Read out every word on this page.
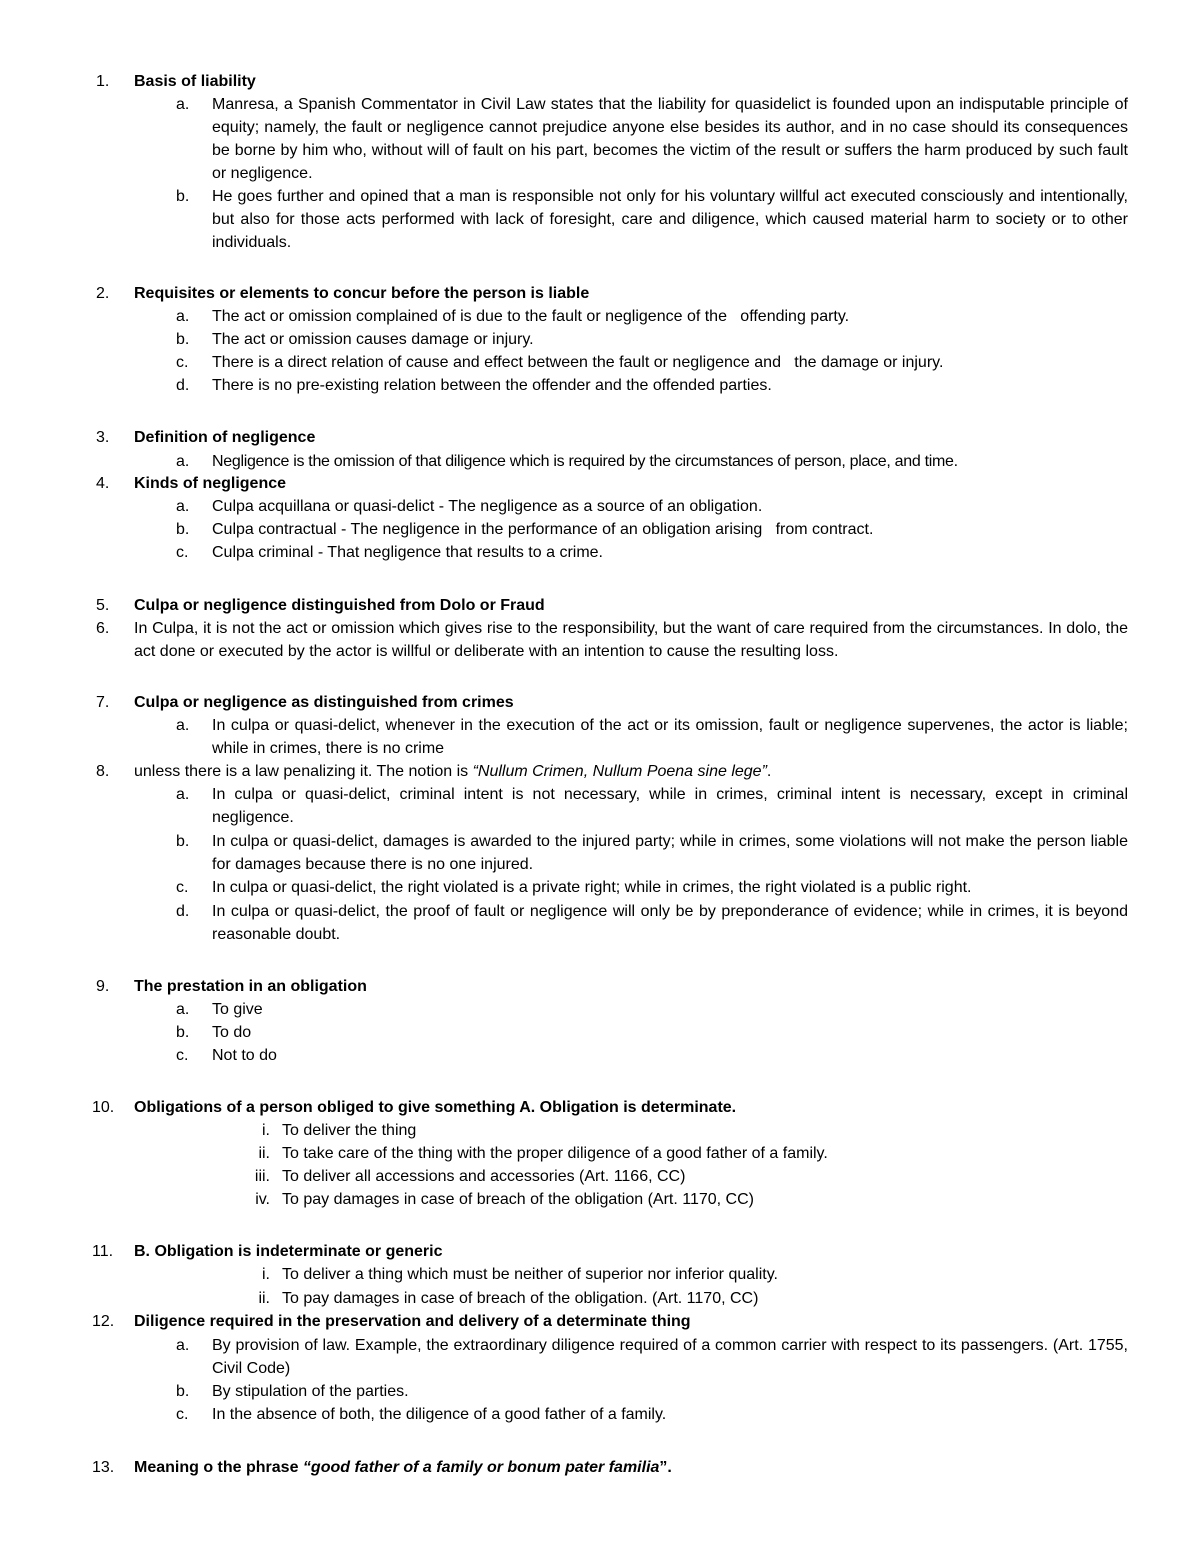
1.	Basis of liability
a.	Manresa, a Spanish Commentator in Civil Law states that the liability for quasidelict is founded upon an indisputable principle of equity; namely, the fault or negligence cannot prejudice anyone else besides its author, and in no case should its consequences be borne by him who, without will of fault on his part, becomes the victim of the result or suffers the harm produced by such fault or negligence.
b.	He goes further and opined that a man is responsible not only for his voluntary willful act executed consciously and intentionally, but also for those acts performed with lack of foresight, care and diligence, which caused material harm to society or to other individuals.
2.	Requisites or elements to concur before the person is liable
a.	The act or omission complained of is due to the fault or negligence of the   offending party.
b.	The act or omission causes damage or injury.
c.	There is a direct relation of cause and effect between the fault or negligence and   the damage or injury.
d.	There is no pre-existing relation between the offender and the offended parties.
3.	Definition of negligence
a.	Negligence is the omission of that diligence which is required by the circumstances of person, place, and time.
4.	Kinds of negligence
a.	Culpa acquillana or quasi-delict - The negligence as a source of an obligation.
b.	Culpa contractual - The negligence in the performance of an obligation arising   from contract.
c.	Culpa criminal - That negligence that results to a crime.
5.	Culpa or negligence distinguished from Dolo or Fraud
6.	In Culpa, it is not the act or omission which gives rise to the responsibility, but the want of care required from the circumstances. In dolo, the act done or executed by the actor is willful or deliberate with an intention to cause the resulting loss.
7.	Culpa or negligence as distinguished from crimes
a.	In culpa or quasi-delict, whenever in the execution of the act or its omission, fault or negligence supervenes, the actor is liable; while in crimes, there is no crime
8.	unless there is a law penalizing it. The notion is “Nullum Crimen, Nullum Poena sine lege”.
a.	In culpa or quasi-delict, criminal intent is not necessary, while in crimes, criminal intent is necessary, except in criminal negligence.
b.	In culpa or quasi-delict, damages is awarded to the injured party; while in crimes, some violations will not make the person liable for damages because there is no one injured.
c.	In culpa or quasi-delict, the right violated is a private right; while in crimes, the right violated is a public right.
d.	In culpa or quasi-delict, the proof of fault or negligence will only be by preponderance of evidence; while in crimes, it is beyond reasonable doubt.
9.	The prestation in an obligation
a.	To give
b.	To do
c.	Not to do
10.	Obligations of a person obliged to give something A. Obligation is determinate.
i. To deliver the thing
ii. To take care of the thing with the proper diligence of a good father of a family.
iii. To deliver all accessions and accessories (Art. 1166, CC)
iv. To pay damages in case of breach of the obligation (Art. 1170, CC)
11.	B. Obligation is indeterminate or generic
i. To deliver a thing which must be neither of superior nor inferior quality.
ii. To pay damages in case of breach of the obligation. (Art. 1170, CC)
12.	Diligence required in the preservation and delivery of a determinate thing
a.	By provision of law. Example, the extraordinary diligence required of a common carrier with respect to its passengers. (Art. 1755, Civil Code)
b.	By stipulation of the parties.
c.	In the absence of both, the diligence of a good father of a family.
13.	Meaning o the phrase “good father of a family or bonum pater familia”.
